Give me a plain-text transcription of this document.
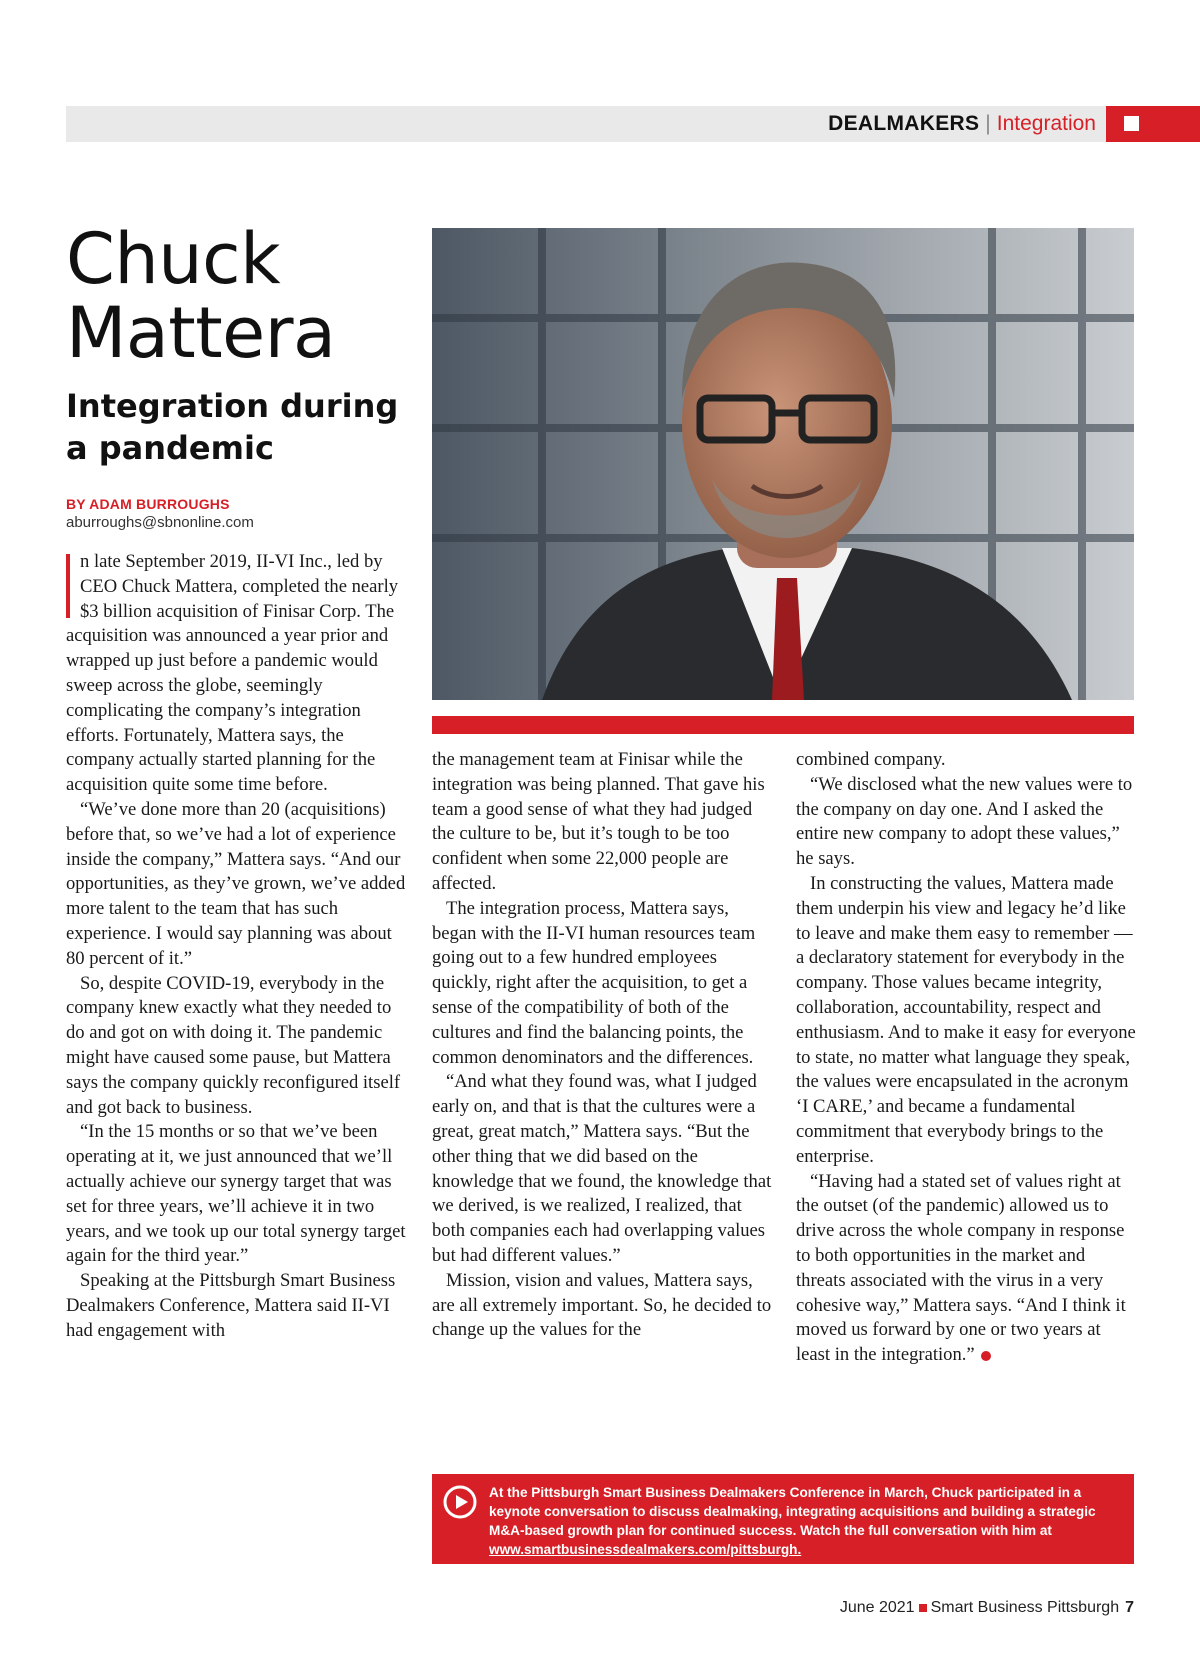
DEALMAKERS | Integration
Chuck
Mattera
Integration during a pandemic

BY ADAM BURROUGHS

aburroughs@sbnonline.com

n late September 2019, II-VI Inc., led by CEO Chuck Mattera, completed the nearly $3 billion acquisition of Finisar Corp. The acquisition was announced a year prior and wrapped up just before a pandemic would sweep across the globe, seemingly complicating the company’s integration efforts. Fortunately, Mattera says, the company actually started planning for the acquisition quite some time before.

“We’ve done more than 20 (acquisitions) before that, so we’ve had a lot of experience inside the company,” Mattera says. “And our opportunities, as they’ve grown, we’ve added more talent to the team that has such experience. I would say planning was about 80 percent of it.”

So, despite COVID-19, everybody in the company knew exactly what they needed to do and got on with doing it. The pandemic might have caused some pause, but Mattera says the company quickly reconfigured itself and got back to business.

“In the 15 months or so that we’ve been operating at it, we just announced that we’ll actually achieve our synergy target that was set for three years, we’ll achieve it in two years, and we took up our total synergy target again for the third year.”

Speaking at the Pittsburgh Smart Business Dealmakers Conference, Mattera said II-VI had engagement with

the management team at Finisar while the integration was being planned. That gave his team a good sense of what they had judged the culture to be, but it’s tough to be too confident when some 22,000 people are affected.

The integration process, Mattera says, began with the II-VI human resources team going out to a few hundred employees quickly, right after the acquisition, to get a sense of the compatibility of both of the cultures and find the balancing points, the common denominators and the differences.

“And what they found was, what I judged early on, and that is that the cultures were a great, great match,” Mattera says. “But the other thing that we did based on the knowledge that we found, the knowledge that we derived, is we realized, I realized, that both companies each had overlapping values but had different values.”

Mission, vision and values, Mattera says, are all extremely important. So, he decided to change up the values for the

combined company.

“We disclosed what the new values were to the company on day one. And I asked the entire new company to adopt these values,” he says.

In constructing the values, Mattera made them underpin his view and legacy he’d like to leave and make them easy to remember — a declaratory statement for everybody in the company. Those values became integrity, collaboration, accountability, respect and enthusiasm. And to make it easy for everyone to state, no matter what language they speak, the values were encapsulated in the acronym ‘I CARE,’ and became a fundamental commitment that everybody brings to the enterprise.

“Having had a stated set of values right at the outset (of the pandemic) allowed us to drive across the whole company in response to both opportunities in the market and threats associated with the virus in a very cohesive way,” Mattera says. “And I think it moved us forward by one or two years at least in the integration.”

At the Pittsburgh Smart Business Dealmakers Conference in March, Chuck participated in a keynote conversation to discuss dealmaking, integrating acquisitions and building a strategic M&A-based growth plan for continued success. Watch the full conversation with him at www.smartbusinessdealmakers.com/pittsburgh.

June 2021 Smart Business Pittsburgh 7
